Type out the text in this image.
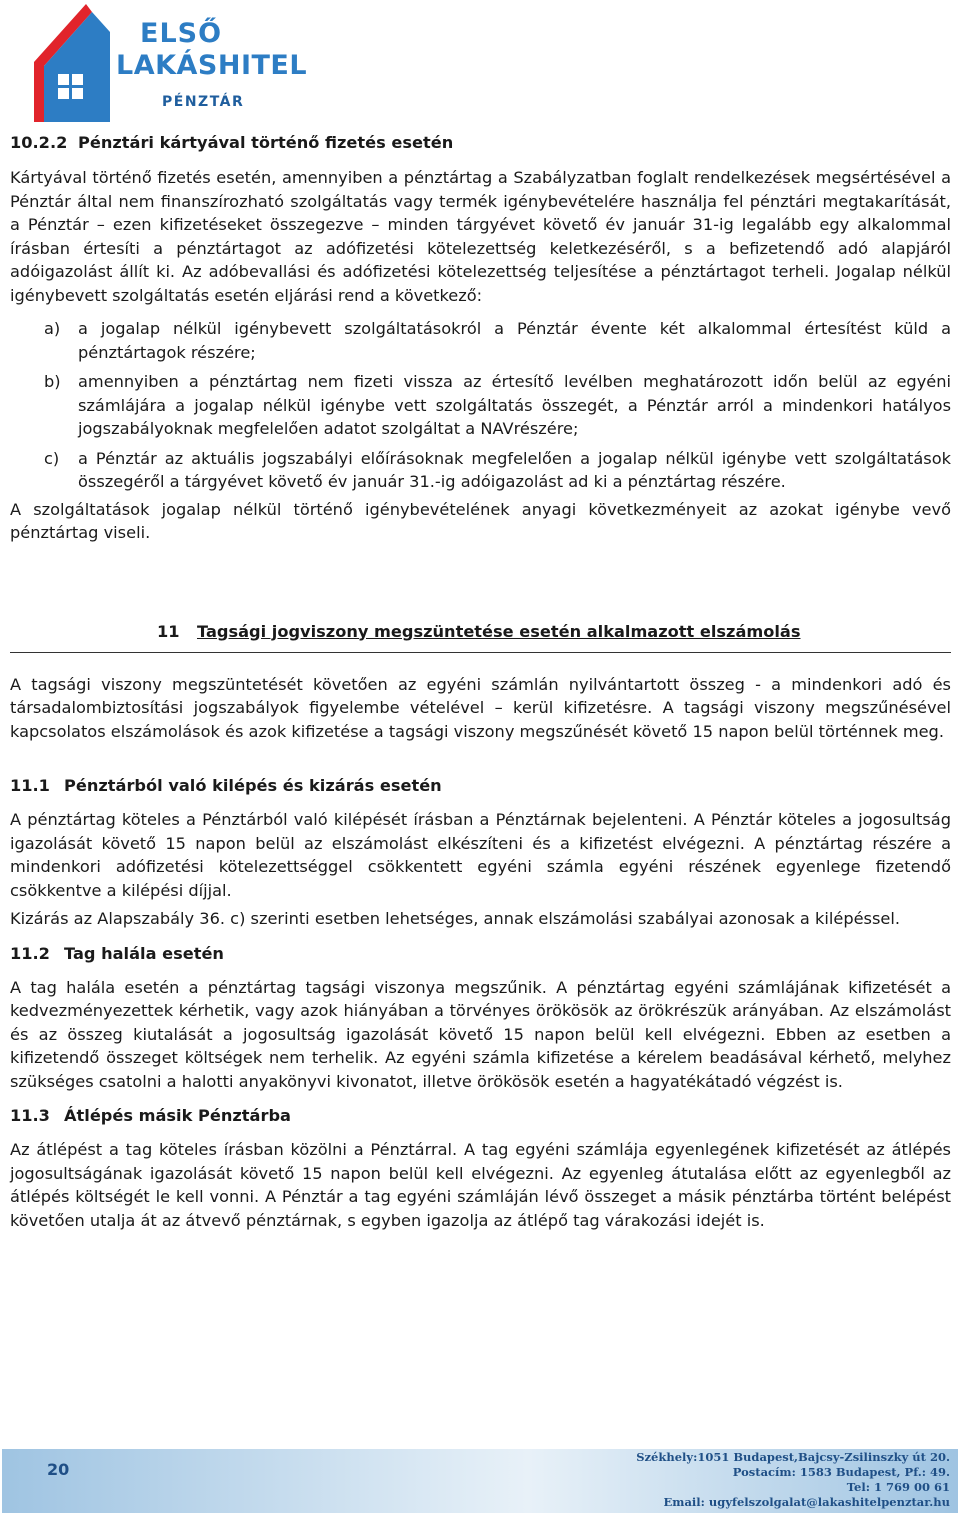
ELSŐ
LAKÁSHITEL
PÉNZTÁR
10.2.2 Pénztári kártyával történő fizetés esetén

Kártyával történő fizetés esetén, amennyiben a pénztártag a Szabályzatban foglalt rendelkezések megsértésével a Pénztár által nem finanszírozható szolgáltatás vagy termék igénybevételére használja fel pénztári megtakarítását, a Pénztár – ezen kifizetéseket összegezve – minden tárgyévet követő év január 31-ig legalább egy alkalommal írásban értesíti a pénztártagot az adófizetési kötelezettség keletkezéséről, s a befizetendő adó alapjáról adóigazolást állít ki. Az adóbevallási és adófizetési kötelezettség teljesítése a pénztártagot terheli. Jogalap nélkül igénybevett szolgáltatás esetén eljárási rend a következő:

a)	a jogalap nélkül igénybevett szolgáltatásokról a Pénztár évente két alkalommal értesítést küld a pénztártagok részére;
b)	amennyiben a pénztártag nem fizeti vissza az értesítő levélben meghatározott időn belül az egyéni számlájára a jogalap nélkül igénybe vett szolgáltatás összegét, a Pénztár arról a mindenkori hatályos jogszabályoknak megfelelően adatot szolgáltat a NAVrészére;
c)	a Pénztár az aktuális jogszabályi előírásoknak megfelelően a jogalap nélkül igénybe vett szolgáltatások összegéről a tárgyévet követő év január 31.-ig adóigazolást ad ki a pénztártag részére.

A szolgáltatások jogalap nélkül történő igénybevételének anyagi következményeit az azokat igénybe vevő pénztártag viseli.

11 Tagsági jogviszony megszüntetése esetén alkalmazott elszámolás

A tagsági viszony megszüntetését követően az egyéni számlán nyilvántartott összeg - a mindenkori adó és társadalombiztosítási jogszabályok figyelembe vételével – kerül kifizetésre. A tagsági viszony megszűnésével kapcsolatos elszámolások és azok kifizetése a tagsági viszony megszűnését követő 15 napon belül történnek meg.

11.1 Pénztárból való kilépés és kizárás esetén

A pénztártag köteles a Pénztárból való kilépését írásban a Pénztárnak bejelenteni. A Pénztár köteles a jogosultság igazolását követő 15 napon belül az elszámolást elkészíteni és a kifizetést elvégezni. A pénztártag részére a mindenkori adófizetési kötelezettséggel csökkentett egyéni számla egyéni részének egyenlege fizetendő csökkentve a kilépési díjjal.

Kizárás az Alapszabály 36. c) szerinti esetben lehetséges, annak elszámolási szabályai azonosak a kilépéssel.

11.2 Tag halála esetén

A tag halála esetén a pénztártag tagsági viszonya megszűnik. A pénztártag egyéni számlájának kifizetését a kedvezményezettek kérhetik, vagy azok hiányában a törvényes örökösök az örökrészük arányában. Az elszámolást és az összeg kiutalását a jogosultság igazolását követő 15 napon belül kell elvégezni. Ebben az esetben a kifizetendő összeget költségek nem terhelik. Az egyéni számla kifizetése a kérelem beadásával kérhető, melyhez szükséges csatolni a halotti anyakönyvi kivonatot, illetve örökösök esetén a hagyatékátadó végzést is.

11.3 Átlépés másik Pénztárba

Az átlépést a tag köteles írásban közölni a Pénztárral. A tag egyéni számlája egyenlegének kifizetését az átlépés jogosultságának igazolását követő 15 napon belül kell elvégezni. Az egyenleg átutalása előtt az egyenlegből az átlépés költségét le kell vonni. A Pénztár a tag egyéni számláján lévő összeget a másik pénztárba történt belépést követően utalja át az átvevő pénztárnak, s egyben igazolja az átlépő tag várakozási idejét is.

20
Székhely:1051 Budapest,Bajcsy-Zsilinszky út 20.
Postacím: 1583 Budapest, Pf.: 49.
Tel: 1 769 00 61
Email: ugyfelszolgalat@lakashitelpenztar.hu
